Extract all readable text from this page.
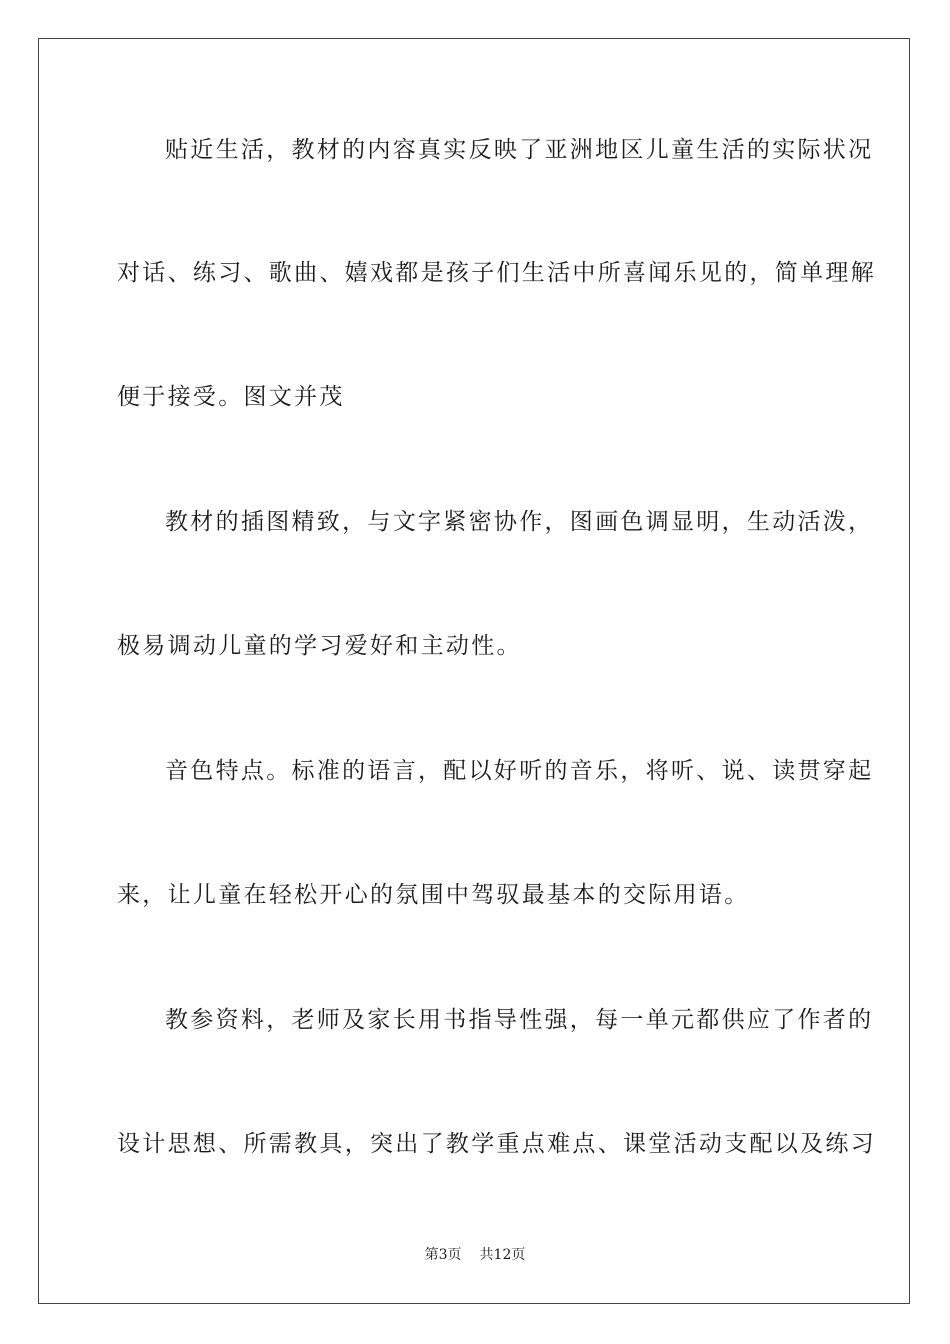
贴近生活，教材的内容真实反映了亚洲地区儿童生活的实际状况

对话、练习、歌曲、嬉戏都是孩子们生活中所喜闻乐见的，简单理解

便于接受。图文并茂

教材的插图精致，与文字紧密协作，图画色调显明，生动活泼，

极易调动儿童的学习爱好和主动性。

音色特点。标准的语言，配以好听的音乐，将听、说、读贯穿起

来，让儿童在轻松开心的氛围中驾驭最基本的交际用语。

教参资料，老师及家长用书指导性强，每一单元都供应了作者的

设计思想、所需教具，突出了教学重点难点、课堂活动支配以及练习

第3页 共12页
